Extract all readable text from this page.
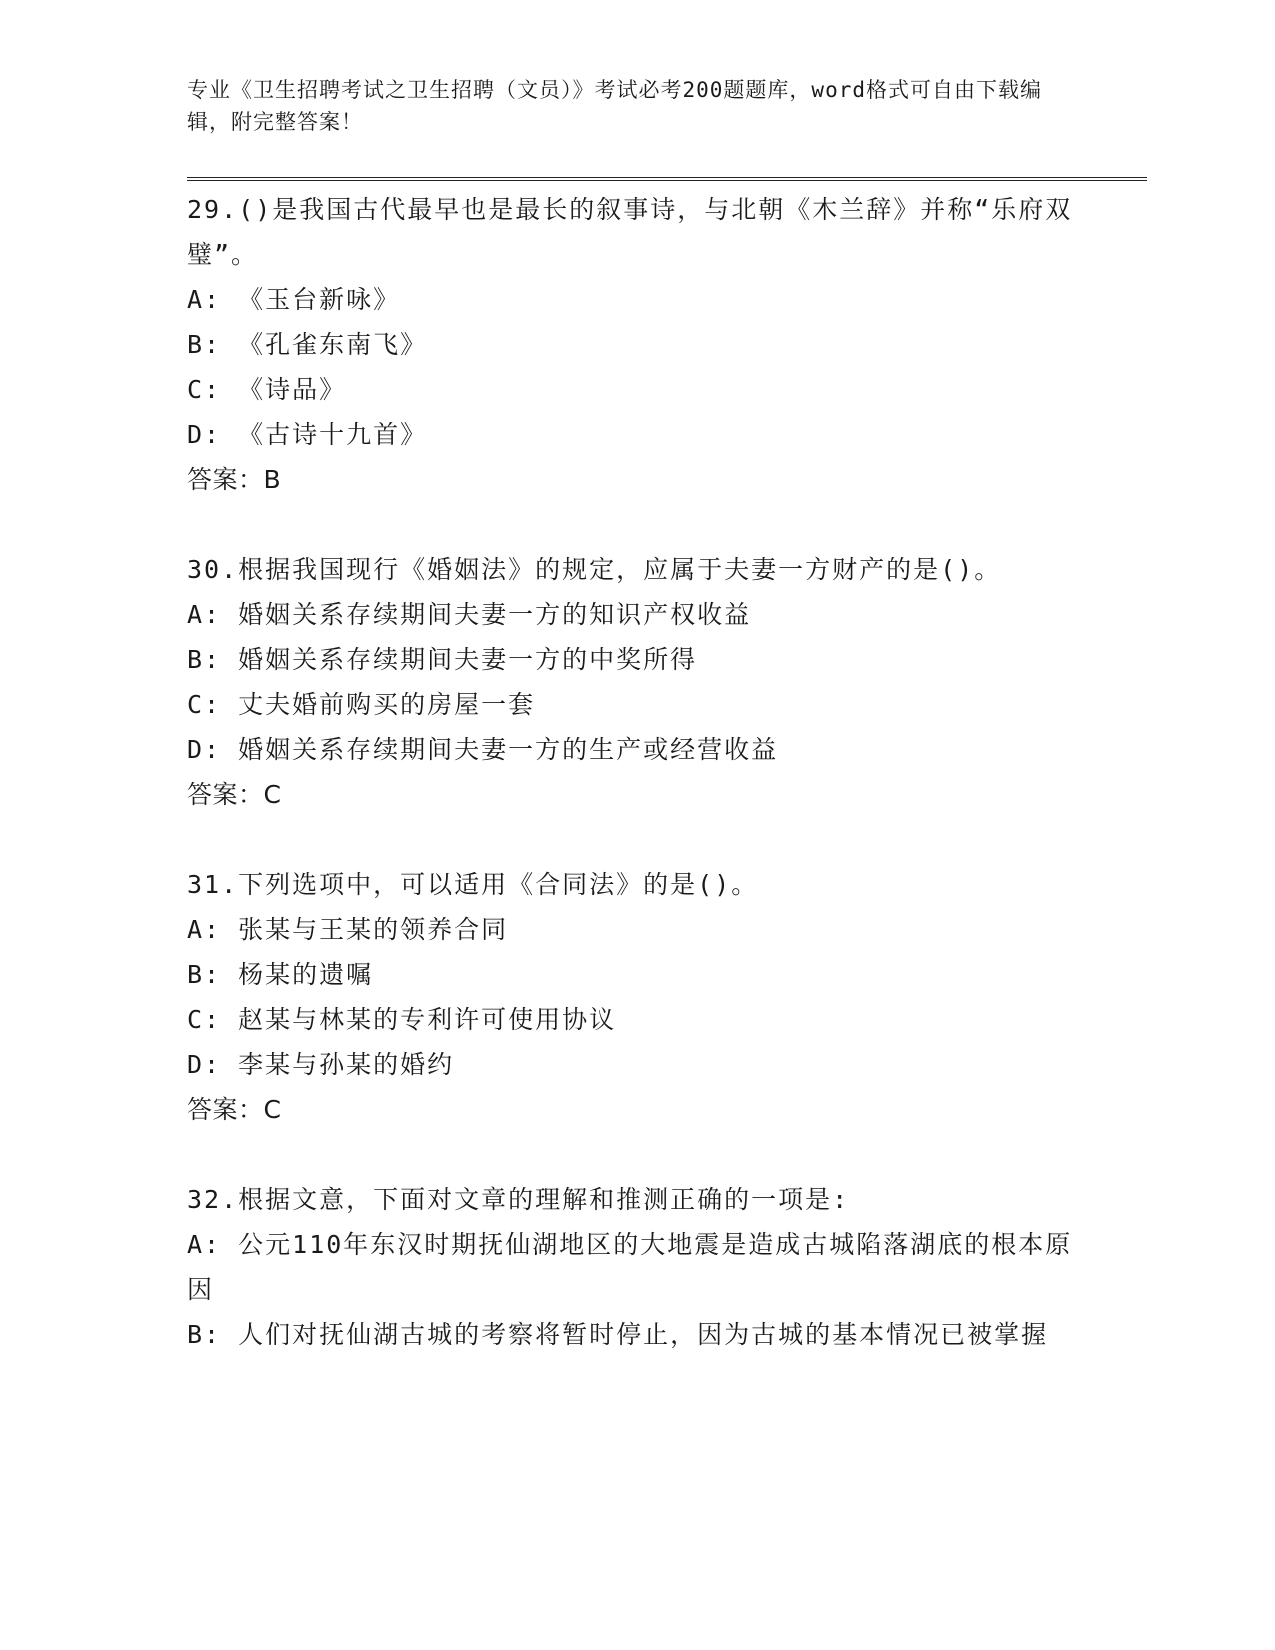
专业《卫生招聘考试之卫生招聘（文员）》考试必考200题题库，word格式可自由下载编辑，附完整答案！
29.()是我国古代最早也是最长的叙事诗，与北朝《木兰辞》并称“乐府双璧”。
A: 《玉台新咏》
B: 《孔雀东南飞》
C: 《诗品》
D: 《古诗十九首》
答案：B
30.根据我国现行《婚姻法》的规定，应属于夫妻一方财产的是()。
A: 婚姻关系存续期间夫妻一方的知识产权收益
B: 婚姻关系存续期间夫妻一方的中奖所得
C: 丈夫婚前购买的房屋一套
D: 婚姻关系存续期间夫妻一方的生产或经营收益
答案：C
31.下列选项中，可以适用《合同法》的是()。
A: 张某与王某的领养合同
B: 杨某的遗嘱
C: 赵某与林某的专利许可使用协议
D: 李某与孙某的婚约
答案：C
32.根据文意，下面对文章的理解和推测正确的一项是:
A: 公元110年东汉时期抚仙湖地区的大地震是造成古城陷落湖底的根本原因
B: 人们对抚仙湖古城的考察将暂时停止，因为古城的基本情况已被掌握
